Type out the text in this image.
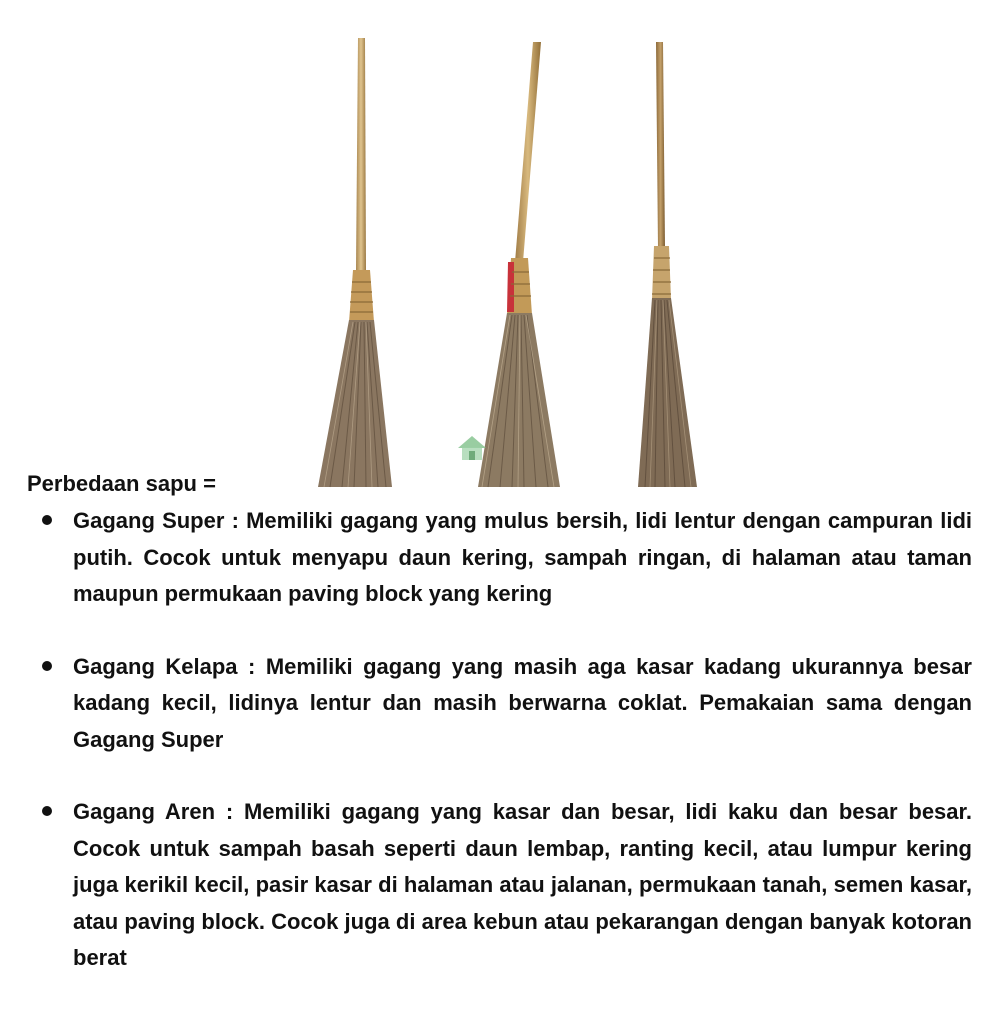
Perbedaan sapu =

Gagang Super : Memiliki gagang yang mulus bersih, lidi lentur dengan campuran lidi putih. Cocok untuk menyapu daun kering, sampah ringan, di halaman atau taman maupun permukaan paving block yang kering

Gagang Kelapa : Memiliki gagang yang masih aga kasar kadang ukurannya besar kadang kecil, lidinya lentur dan masih berwarna coklat. Pemakaian sama dengan Gagang Super

Gagang Aren : Memiliki gagang yang kasar dan besar, lidi kaku dan besar besar. Cocok untuk sampah basah seperti daun lembap, ranting kecil, atau lumpur kering juga kerikil kecil, pasir kasar di halaman atau jalanan, permukaan tanah, semen kasar, atau paving block. Cocok juga di area kebun atau pekarangan dengan banyak kotoran berat
